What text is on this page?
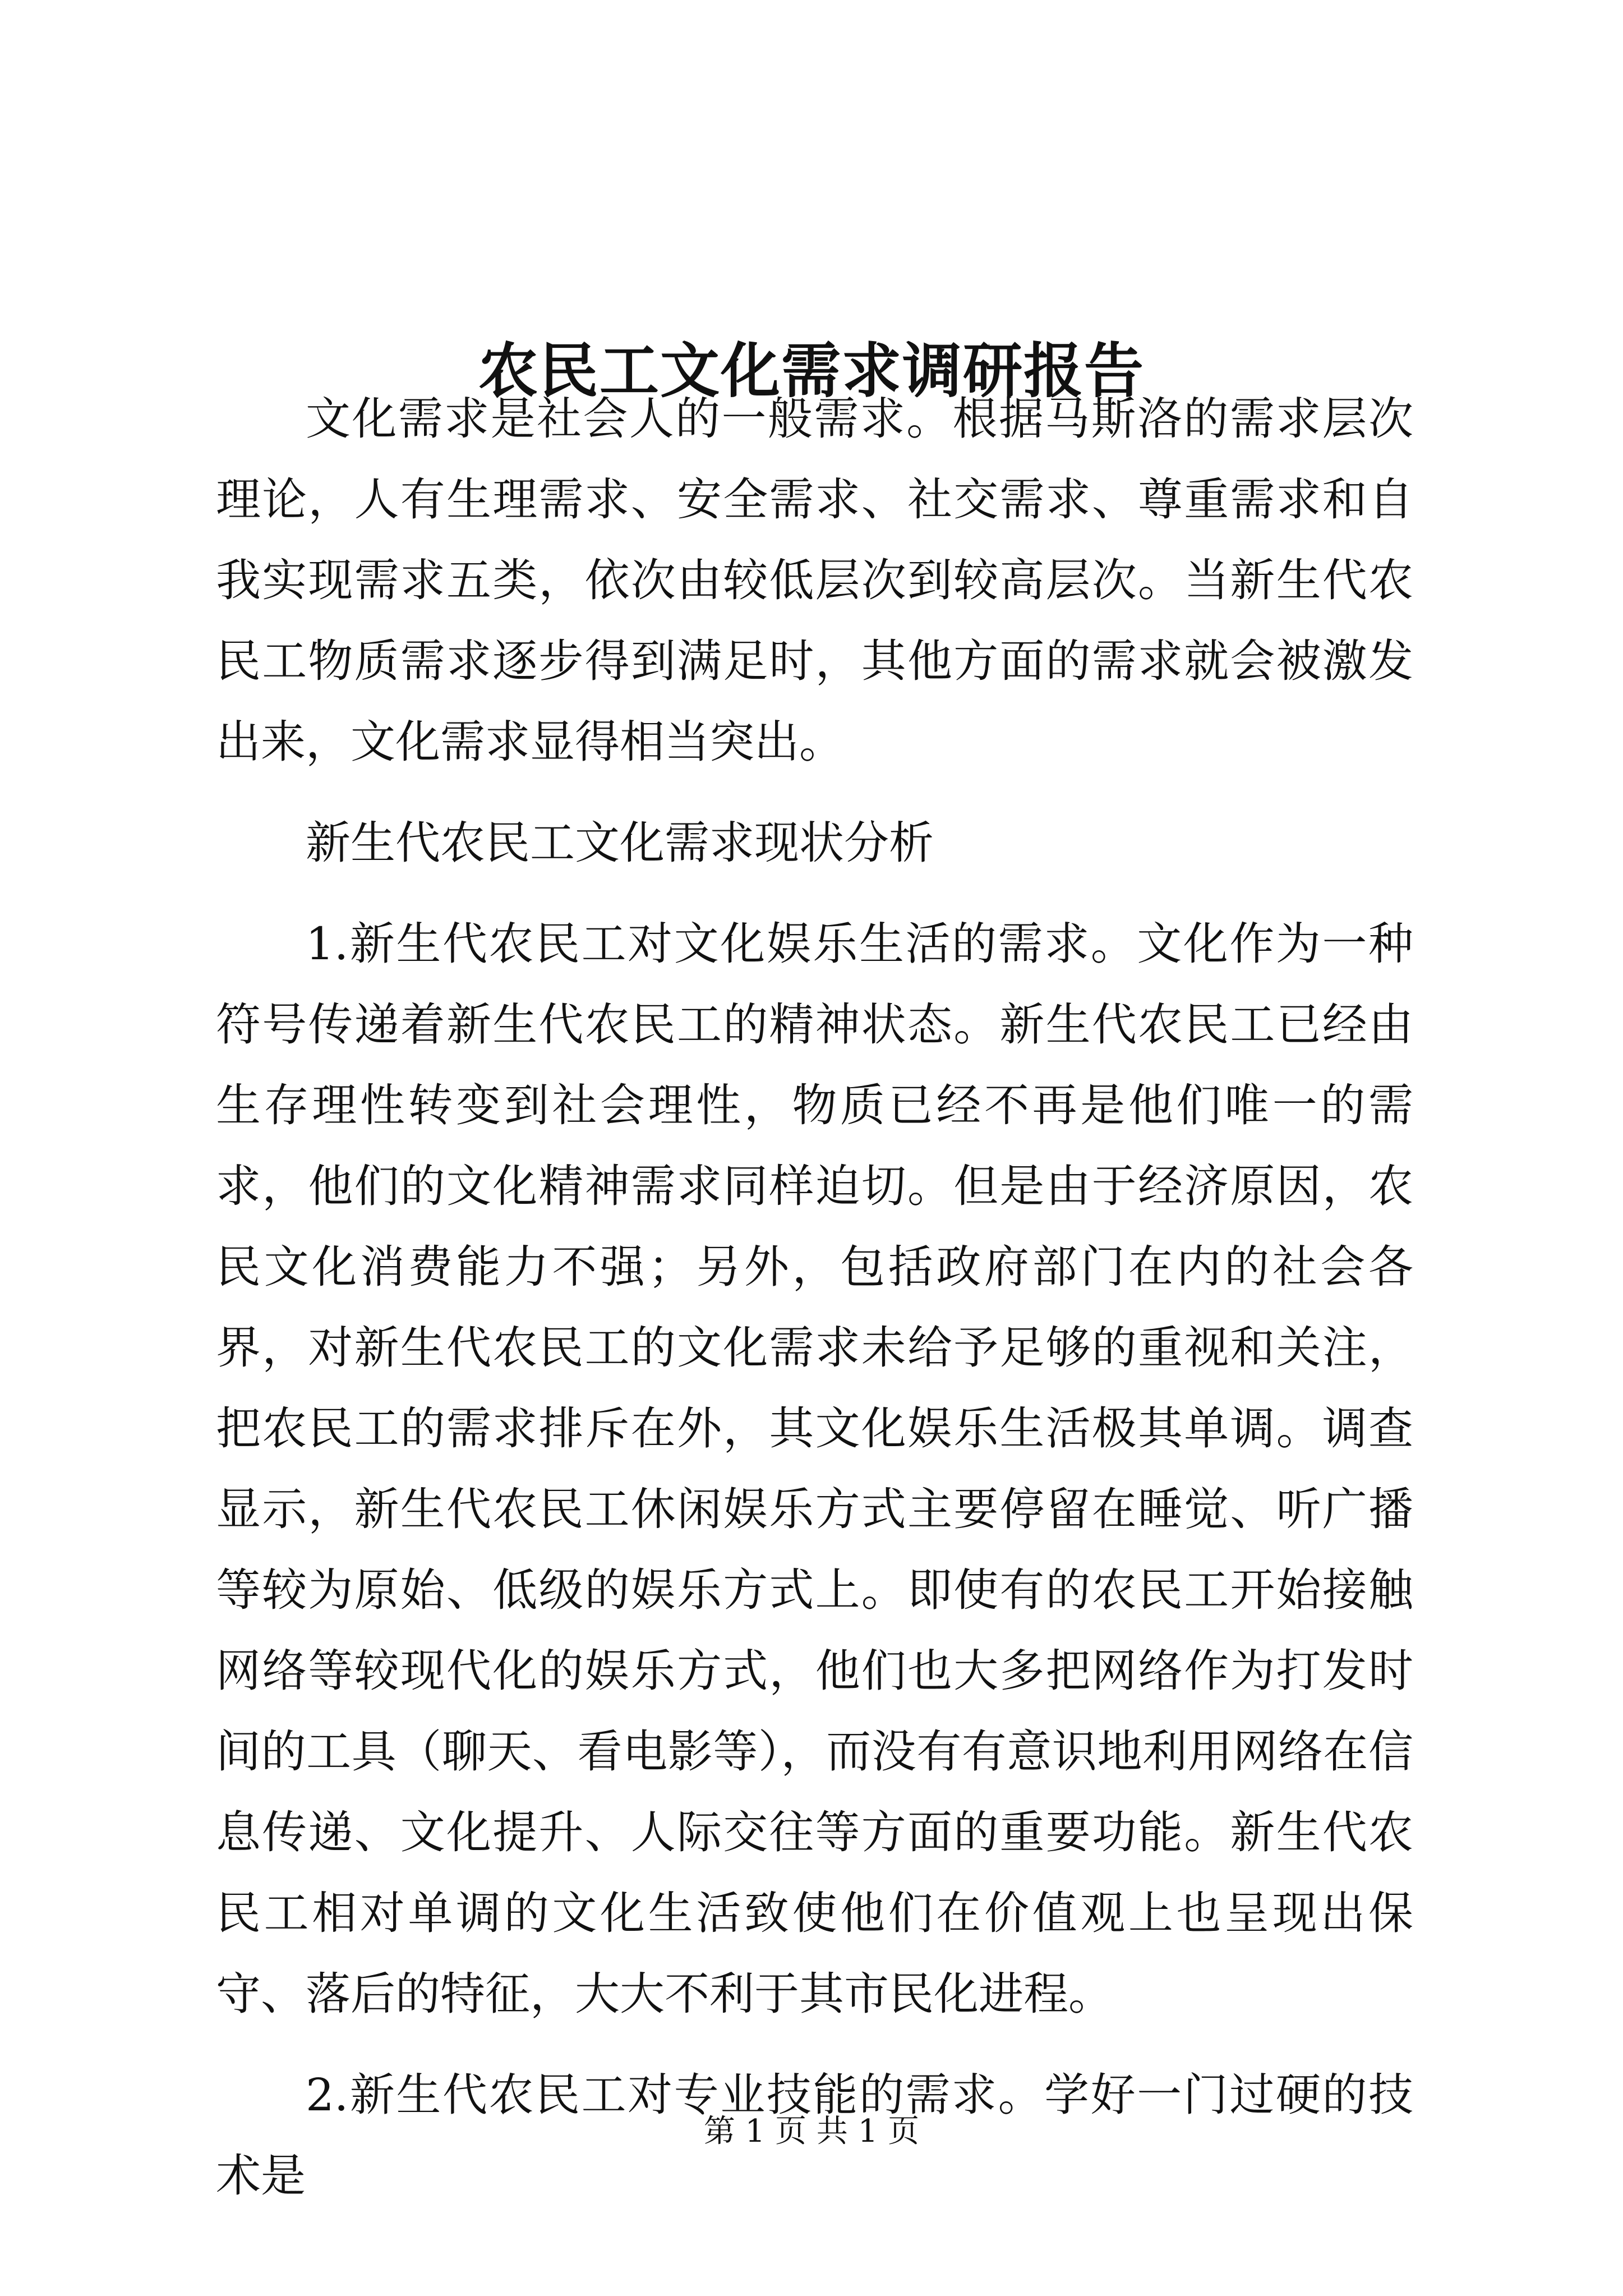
农民工文化需求调研报告

文化需求是社会人的一般需求。根据马斯洛的需求层次理论，人有生理需求、安全需求、社交需求、尊重需求和自我实现需求五类，依次由较低层次到较高层次。当新生代农民工物质需求逐步得到满足时，其他方面的需求就会被激发出来，文化需求显得相当突出。

新生代农民工文化需求现状分析

1.新生代农民工对文化娱乐生活的需求。文化作为一种符号传递着新生代农民工的精神状态。新生代农民工已经由生存理性转变到社会理性，物质已经不再是他们唯一的需求，他们的文化精神需求同样迫切。但是由于经济原因，农民文化消费能力不强；另外，包括政府部门在内的社会各界，对新生代农民工的文化需求未给予足够的重视和关注，把农民工的需求排斥在外，其文化娱乐生活极其单调。调查显示，新生代农民工休闲娱乐方式主要停留在睡觉、听广播等较为原始、低级的娱乐方式上。即使有的农民工开始接触网络等较现代化的娱乐方式，他们也大多把网络作为打发时间的工具（聊天、看电影等），而没有有意识地利用网络在信息传递、文化提升、人际交往等方面的重要功能。新生代农民工相对单调的文化生活致使他们在价值观上也呈现出保守、落后的特征，大大不利于其市民化进程。

2.新生代农民工对专业技能的需求。学好一门过硬的技术是

第 1 页 共 1 页
